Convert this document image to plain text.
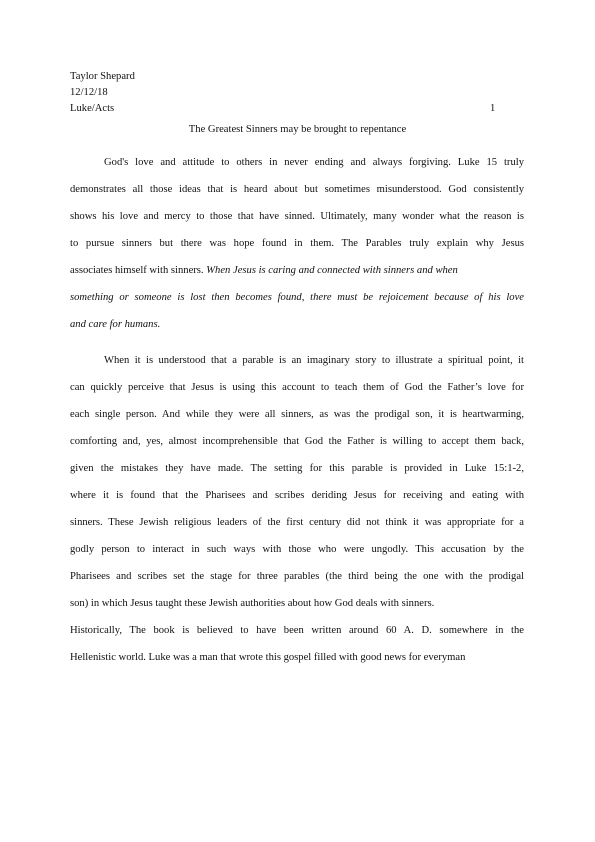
Taylor Shepard
12/12/18
Luke/Acts	1
The Greatest Sinners may be brought to repentance
God's love and attitude to others in never ending and always forgiving. Luke 15 truly
demonstrates all those ideas that is heard about but sometimes misunderstood. God consistently
shows his love and mercy to those that have sinned. Ultimately, many wonder what the reason is
to pursue sinners but there was hope found in them. The Parables truly explain why Jesus
associates himself with sinners. When Jesus is caring and connected with sinners and when
something or someone is lost then becomes found, there must be rejoicement because of his love
and care for humans.
When it is understood that a parable is an imaginary story to illustrate a spiritual point, it
can quickly perceive that Jesus is using this account to teach them of God the Father’s love for
each single person. And while they were all sinners, as was the prodigal son, it is heartwarming,
comforting and, yes, almost incomprehensible that God the Father is willing to accept them back,
given the mistakes they have made. The setting for this parable is provided in Luke 15:1-2,
where it is found that the Pharisees and scribes deriding Jesus for receiving and eating with
sinners. These Jewish religious leaders of the first century did not think it was appropriate for a
godly person to interact in such ways with those who were ungodly. This accusation by the
Pharisees and scribes set the stage for three parables (the third being the one with the prodigal
son) in which Jesus taught these Jewish authorities about how God deals with sinners.
Historically, The book is believed to have been written around 60 A. D. somewhere in the
Hellenistic world. Luke was a man that wrote this gospel filled with good news for everyman
